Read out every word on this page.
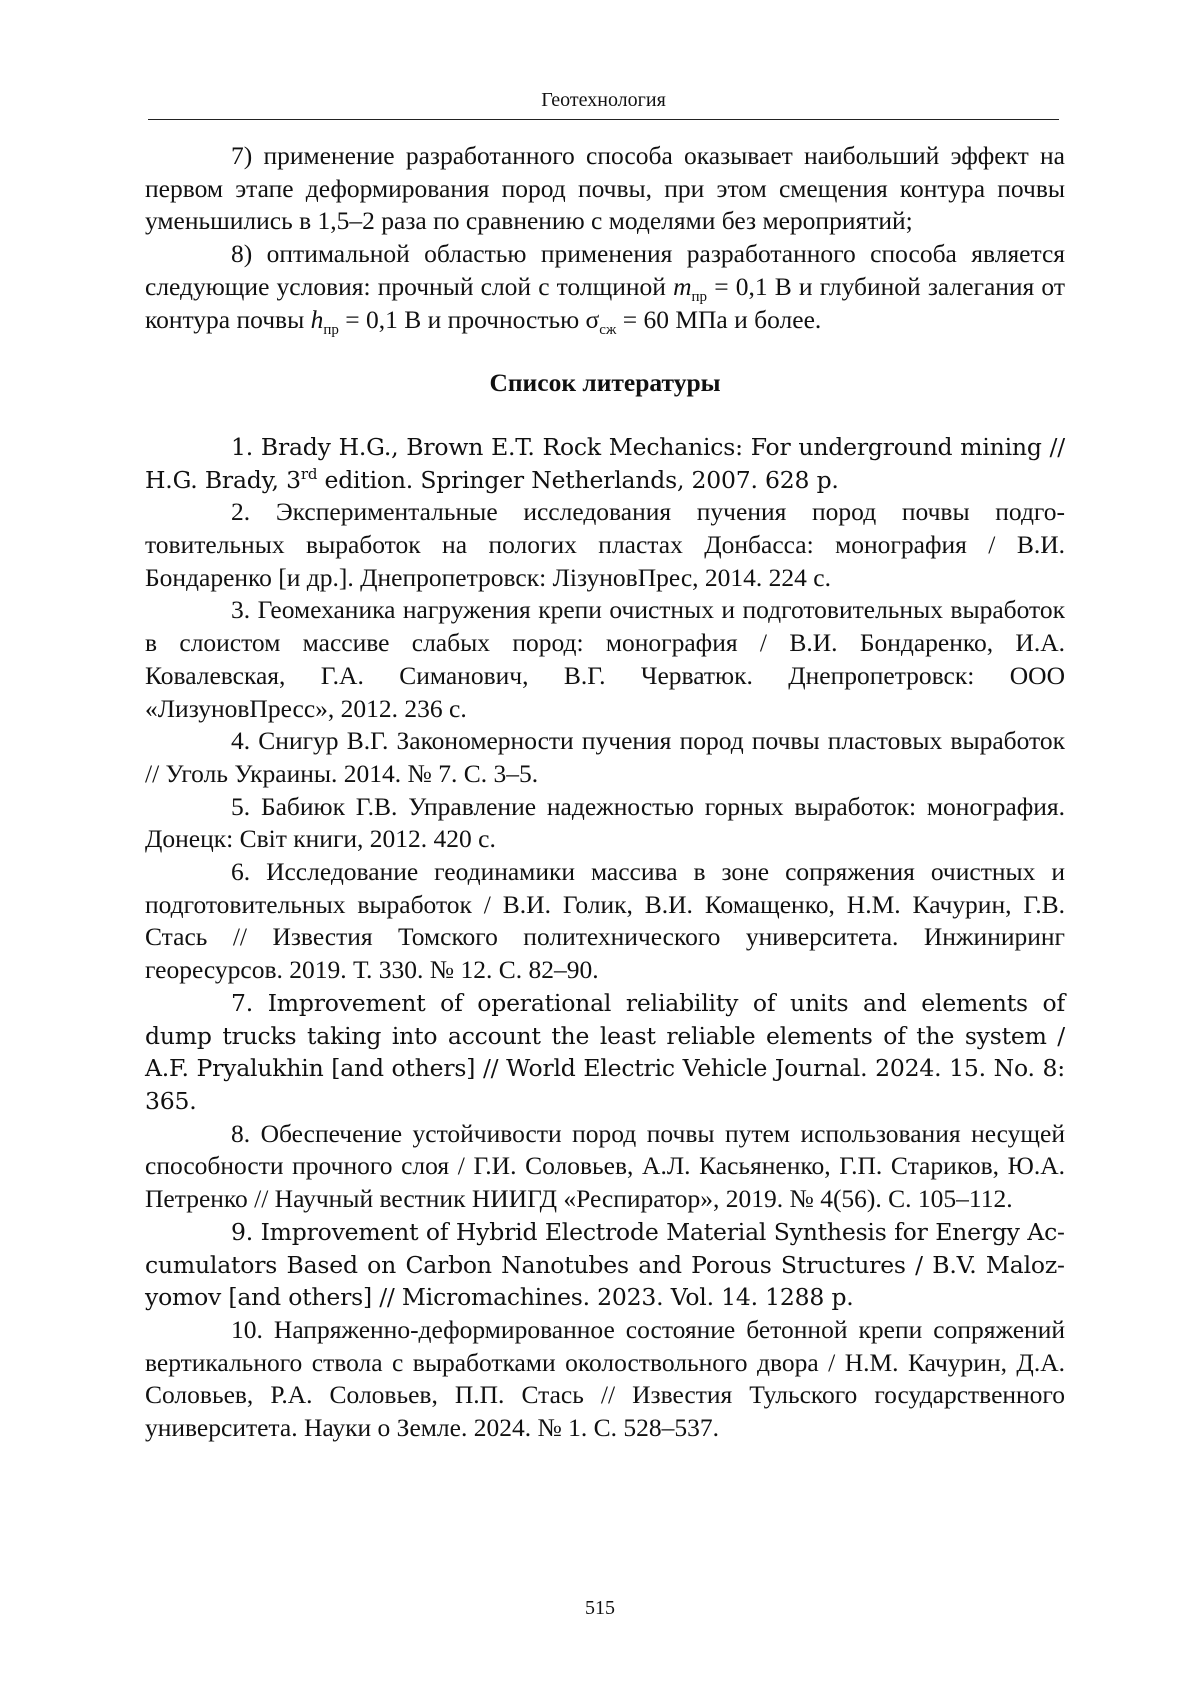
Геотехнология

7) применение разработанного способа оказывает наибольший эффект на первом этапе деформирования пород почвы, при этом смещения контура почвы уменьшились в 1,5–2 раза по сравнению с моделями без мероприятий;

8) оптимальной областью применения разработанного способа является следующие условия: прочный слой с толщиной $m_{пр} = 0,1$ В и глубиной залегания от контура почвы $h_{пр} = 0,1$ В и прочностью $\sigma_{сж} = 60$ МПа и более.

Список литературы

1. Brady H.G., Brown E.T. Rock Mechanics: For underground mining // H.G. Brady, 3rd edition. Springer Netherlands, 2007. 628 p.

2. Экспериментальные исследования пучения пород почвы подготовительных выработок на пологих пластах Донбасса: монография / В.И. Бондаренко [и др.]. Днепропетровск: ЛізуновПрес, 2014. 224 с.

3. Геомеханика нагружения крепи очистных и подготовительных выработок в слоистом массиве слабых пород: монография / В.И. Бондаренко, И.А. Ковалевская, Г.А. Симанович, В.Г. Черватюк. Днепропетровск: ООО «ЛизуновПресс», 2012. 236 с.

4. Снигур В.Г. Закономерности пучения пород почвы пластовых выработок // Уголь Украины. 2014. № 7. С. 3–5.

5. Бабиюк Г.В. Управление надежностью горных выработок: монография. Донецк: Світ книги, 2012. 420 с.

6. Исследование геодинамики массива в зоне сопряжения очистных и подготовительных выработок / В.И. Голик, В.И. Комащенко, Н.М. Качурин, Г.В. Стась // Известия Томского политехнического университета. Инжиниринг георесурсов. 2019. Т. 330. № 12. С. 82–90.

7. Improvement of operational reliability of units and elements of dump trucks taking into account the least reliable elements of the system / A.F. Pryalukhin [and others] // World Electric Vehicle Journal. 2024. 15. No. 8: 365.

8. Обеспечение устойчивости пород почвы путем использования несущей способности прочного слоя / Г.И. Соловьев, А.Л. Касьяненко, Г.П. Стариков, Ю.А. Петренко // Научный вестник НИИГД «Респиратор», 2019. № 4(56). С. 105–112.

9. Improvement of Hybrid Electrode Material Synthesis for Energy Accumulators Based on Carbon Nanotubes and Porous Structures / B.V. Malozyomov [and others] // Micromachines. 2023. Vol. 14. 1288 p.

10. Напряженно-деформированное состояние бетонной крепи сопряжений вертикального ствола с выработками околоствольного двора / Н.М. Качурин, Д.А. Соловьев, Р.А. Соловьев, П.П. Стась // Известия Тульского государственного университета. Науки о Земле. 2024. № 1. С. 528–537.

515
